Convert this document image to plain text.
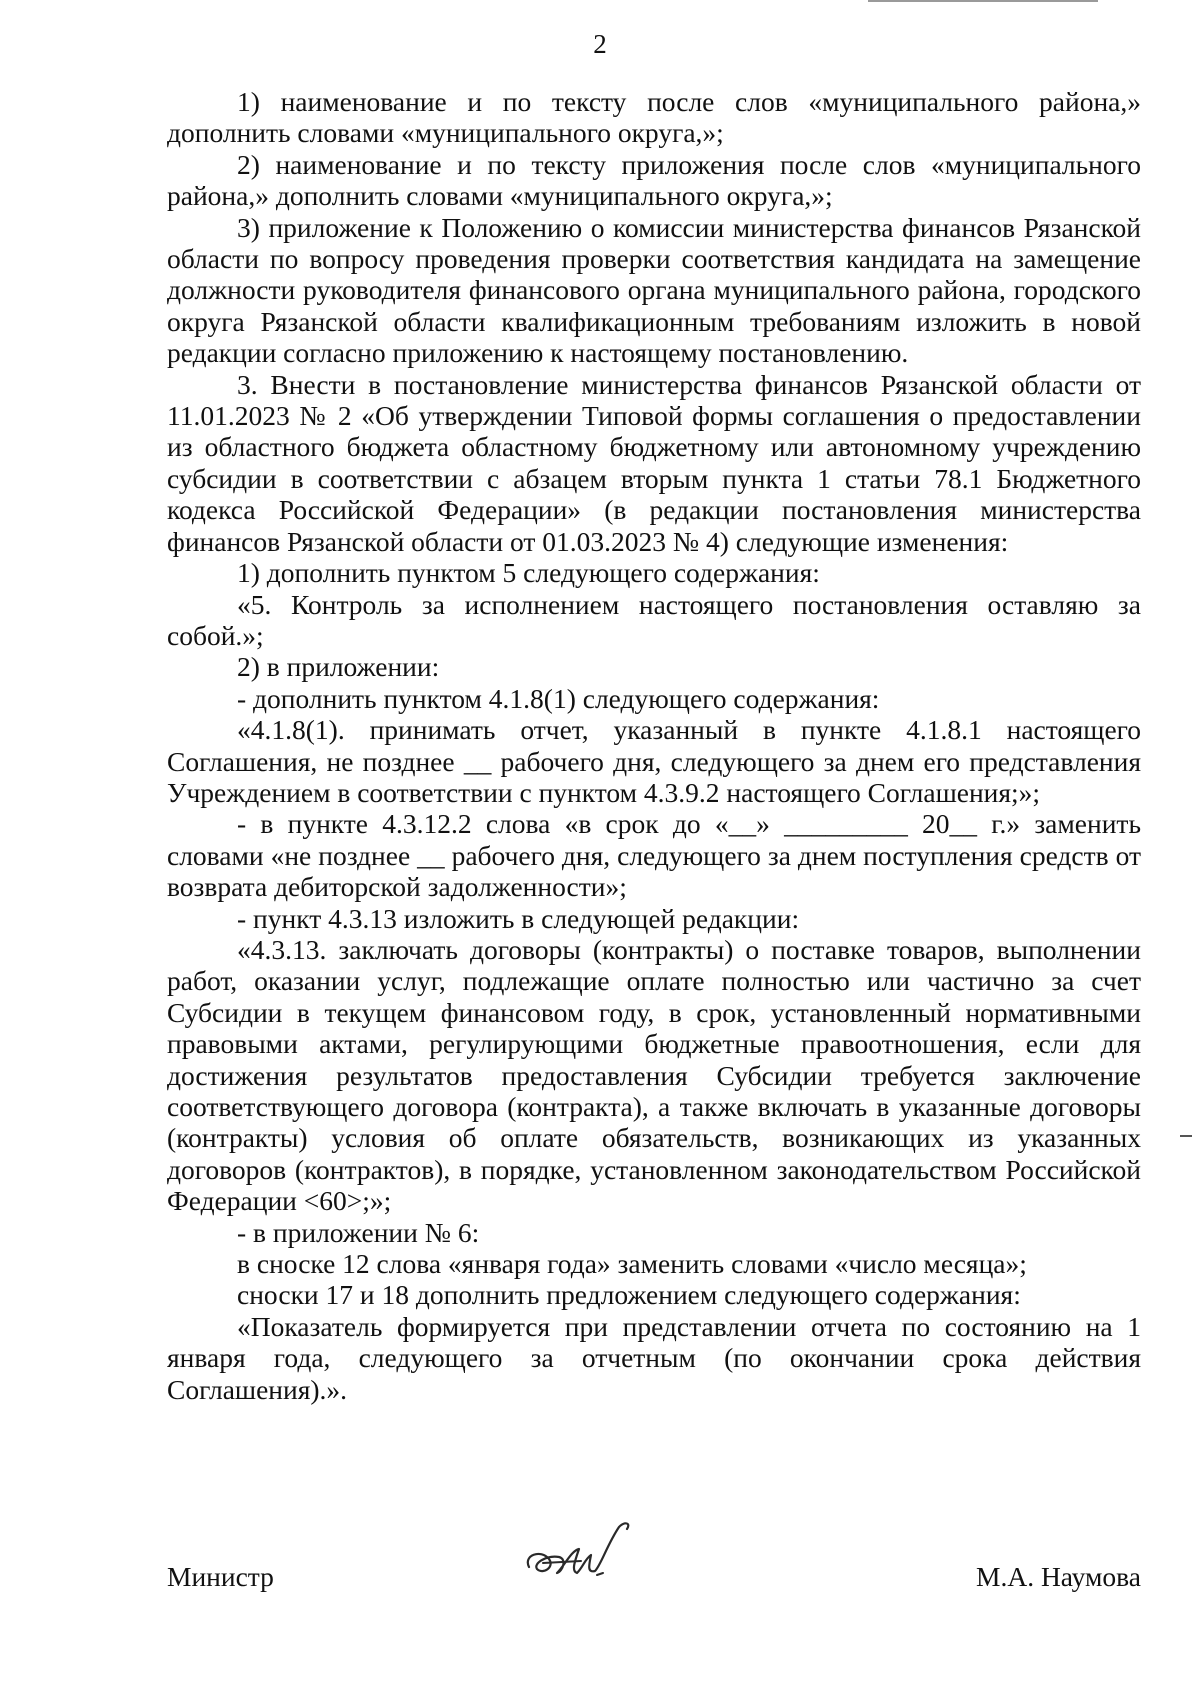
2

1) наименование и по тексту после слов «муниципального района,» дополнить словами «муниципального округа,»;

2) наименование и по тексту приложения после слов «муниципального района,» дополнить словами «муниципального округа,»;

3) приложение к Положению о комиссии министерства финансов Рязанской области по вопросу проведения проверки соответствия кандидата на замещение должности руководителя финансового органа муниципального района, городского округа Рязанской области квалификационным требованиям изложить в новой редакции согласно приложению к настоящему постановлению.

3. Внести в постановление министерства финансов Рязанской области от 11.01.2023 № 2 «Об утверждении Типовой формы соглашения о предоставлении из областного бюджета областному бюджетному или автономному учреждению субсидии в соответствии с абзацем вторым пункта 1 статьи 78.1 Бюджетного кодекса Российской Федерации» (в редакции постановления министерства финансов Рязанской области от 01.03.2023 № 4) следующие изменения:

1) дополнить пунктом 5 следующего содержания:

«5. Контроль за исполнением настоящего постановления оставляю за собой.»;

2) в приложении:

- дополнить пунктом 4.1.8(1) следующего содержания:

«4.1.8(1). принимать отчет, указанный в пункте 4.1.8.1 настоящего Соглашения, не позднее __ рабочего дня, следующего за днем его представления Учреждением в соответствии с пунктом 4.3.9.2 настоящего Соглашения;»;

- в пункте 4.3.12.2 слова «в срок до «__» _________ 20__ г.» заменить словами «не позднее __ рабочего дня, следующего за днем поступления средств от возврата дебиторской задолженности»;

- пункт 4.3.13 изложить в следующей редакции:

«4.3.13. заключать договоры (контракты) о поставке товаров, выполнении работ, оказании услуг, подлежащие оплате полностью или частично за счет Субсидии в текущем финансовом году, в срок, установленный нормативными правовыми актами, регулирующими бюджетные правоотношения, если для достижения результатов предоставления Субсидии требуется заключение соответствующего договора (контракта), а также включать в указанные договоры (контракты) условия об оплате обязательств, возникающих из указанных договоров (контрактов), в порядке, установленном законодательством Российской Федерации <60>;»;

- в приложении № 6:

в сноске 12 слова «января года» заменить словами «число месяца»;

сноски 17 и 18 дополнить предложением следующего содержания:

«Показатель формируется при представлении отчета по состоянию на 1 января года, следующего за отчетным (по окончании срока действия Соглашения).».

Министр	М.А. Наумова
